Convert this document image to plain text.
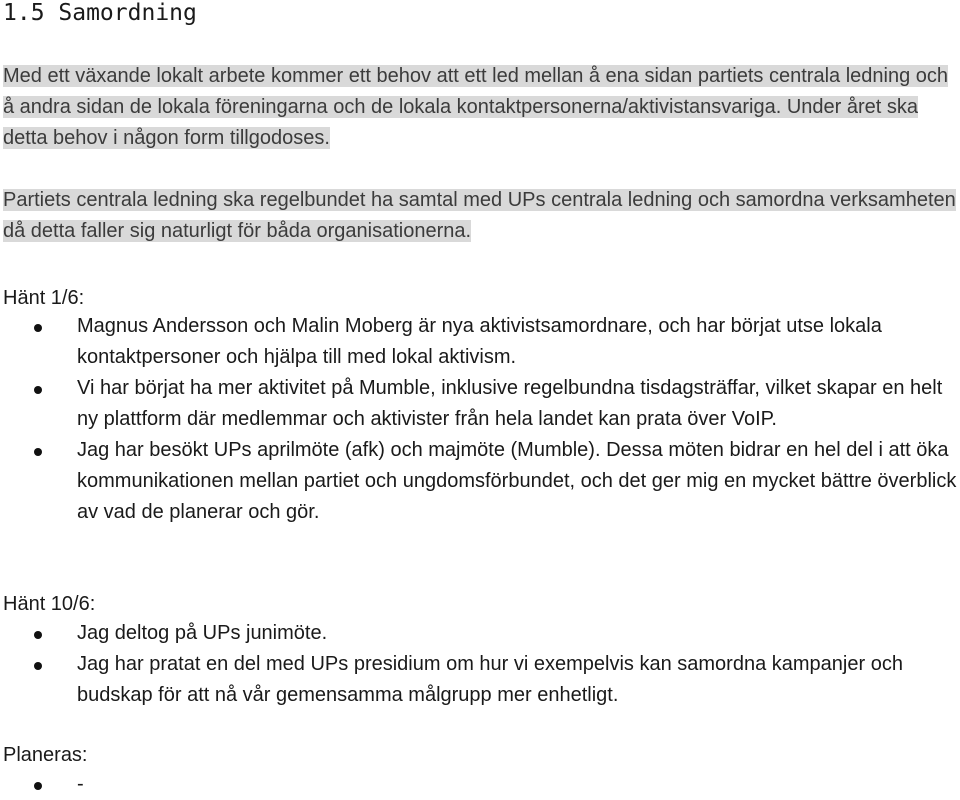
1.5 Samordning

Med ett växande lokalt arbete kommer ett behov att ett led mellan å ena sidan partiets centrala ledning och å andra sidan de lokala föreningarna och de lokala kontaktpersonerna/aktivistansvariga. Under året ska detta behov i någon form tillgodoses.

Partiets centrala ledning ska regelbundet ha samtal med UPs centrala ledning och samordna verksamheten då detta faller sig naturligt för båda organisationerna.

Hänt 1/6:
Magnus Andersson och Malin Moberg är nya aktivistsamordnare, och har börjat utse lokala kontaktpersoner och hjälpa till med lokal aktivism.
Vi har börjat ha mer aktivitet på Mumble, inklusive regelbundna tisdagsträffar, vilket skapar en helt ny plattform där medlemmar och aktivister från hela landet kan prata över VoIP.
Jag har besökt UPs aprilmöte (afk) och majmöte (Mumble). Dessa möten bidrar en hel del i att öka kommunikationen mellan partiet och ungdomsförbundet, och det ger mig en mycket bättre överblick av vad de planerar och gör.
Hänt 10/6:
Jag deltog på UPs junimöte.
Jag har pratat en del med UPs presidium om hur vi exempelvis kan samordna kampanjer och budskap för att nå vår gemensamma målgrupp mer enhetligt.
Planeras:
-
